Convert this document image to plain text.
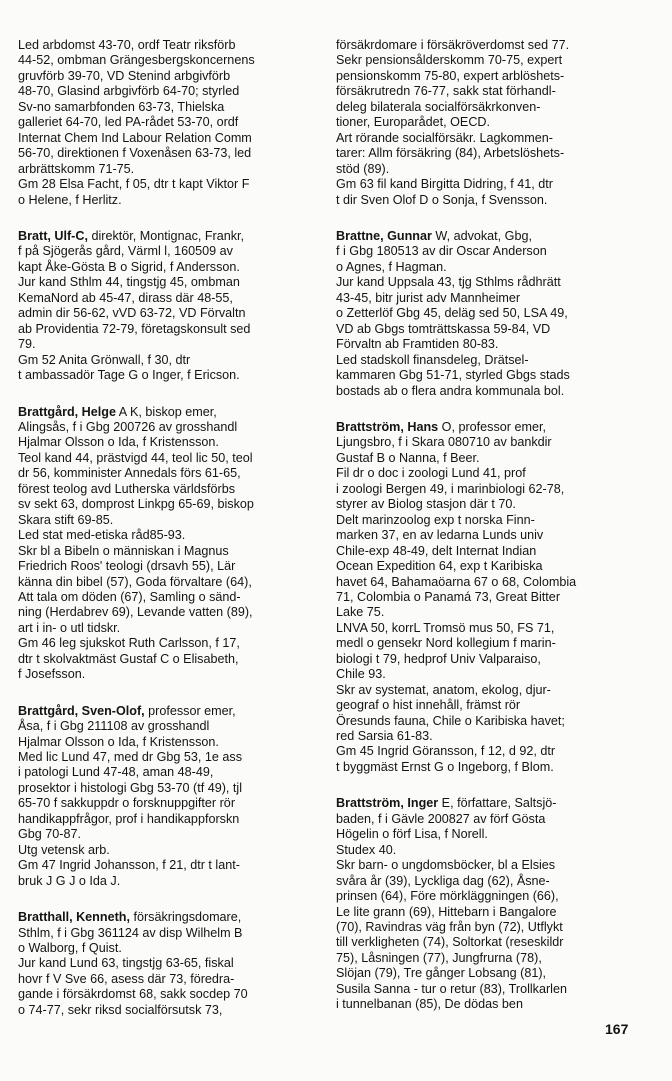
Led arbdomst 43-70, ordf Teatr riksförb

44-52, ombman Grängesbergskoncernens

gruvförb 39-70, VD Stenind arbgivförb

48-70, Glasind arbgivförb 64-70; styrled

Sv-no samarbfonden 63-73, Thielska

galleriet 64-70, led PA-rådet 53-70, ordf

Internat Chem Ind Labour Relation Comm

56-70, direktionen f Voxenåsen 63-73, led

arbrättskomm 71-75.

Gm 28 Elsa Facht, f 05, dtr t kapt Viktor F

o Helene, f Herlitz.

Bratt, Ulf-C, direktör, Montignac, Frankr,

f på Sjögerås gård, Värml l, 160509 av

kapt Åke-Gösta B o Sigrid, f Andersson.

Jur kand Sthlm 44, tingstjg 45, ombman

KemaNord ab 45-47, dirass där 48-55,

admin dir 56-62, vVD 63-72, VD Förvaltn

ab Providentia 72-79, företagskonsult sed

79.

Gm 52 Anita Grönwall, f 30, dtr

t ambassadör Tage G o Inger, f Ericson.

Brattgård, Helge A K, biskop emer,

Alingsås, f i Gbg 200726 av grosshandl

Hjalmar Olsson o Ida, f Kristensson.

Teol kand 44, prästvigd 44, teol lic 50, teol

dr 56, komminister Annedals förs 61-65,

förest teolog avd Lutherska världsförbs

sv sekt 63, domprost Linkpg 65-69, biskop

Skara stift 69-85.

Led stat med-etiska råd85-93.

Skr bl a Bibeln o människan i Magnus

Friedrich Roos' teologi (drsavh 55), Lär

känna din bibel (57), Goda förvaltare (64),

Att tala om döden (67), Samling o sänd-

ning (Herdabrev 69), Levande vatten (89),

art i in- o utl tidskr.

Gm 46 leg sjukskot Ruth Carlsson, f 17,

dtr t skolvaktmäst Gustaf C o Elisabeth,

f Josefsson.

Brattgård, Sven-Olof, professor emer,

Åsa, f i Gbg 211108 av grosshandl

Hjalmar Olsson o Ida, f Kristensson.

Med lic Lund 47, med dr Gbg 53, 1e ass

i patologi Lund 47-48, aman 48-49,

prosektor i histologi Gbg 53-70 (tf 49), tjl

65-70 f sakkuppdr o forsknuppgifter rör

handikappfrågor, prof i handikappforskn

Gbg 70-87.

Utg vetensk arb.

Gm 47 Ingrid Johansson, f 21, dtr t lant-

bruk J G J o Ida J.

Bratthall, Kenneth, försäkringsdomare,

Sthlm, f i Gbg 361124 av disp Wilhelm B

o Walborg, f Quist.

Jur kand Lund 63, tingstjg 63-65, fiskal

hovr f V Sve 66, asess där 73, föredra-

gande i försäkrdomst 68, sakk socdep 70

o 74-77, sekr riksd socialförsutsk 73,

försäkrdomare i försäkröverdomst sed 77.

Sekr pensionsålderskomm 70-75, expert

pensionskomm 75-80, expert arblöshets-

försäkrutredn 76-77, sakk stat förhandl-

deleg bilaterala socialförsäkrkonven-

tioner, Europarådet, OECD.

Art rörande socialförsäkr. Lagkommen-

tarer: Allm försäkring (84), Arbetslöshets-

stöd (89).

Gm 63 fil kand Birgitta Didring, f 41, dtr

t dir Sven Olof D o Sonja, f Svensson.

Brattne, Gunnar W, advokat, Gbg,

f i Gbg 180513 av dir Oscar Anderson

o Agnes, f Hagman.

Jur kand Uppsala 43, tjg Sthlms rådhrätt

43-45, bitr jurist adv Mannheimer

o Zetterlöf Gbg 45, deläg sed 50, LSA 49,

VD ab Gbgs tomträttskassa 59-84, VD

Förvaltn ab Framtiden 80-83.

Led stadskoll finansdeleg, Drätsel-

kammaren Gbg 51-71, styrled Gbgs stads

bostads ab o flera andra kommunala bol.

Brattström, Hans O, professor emer,

Ljungsbro, f i Skara 080710 av bankdir

Gustaf B o Nanna, f Beer.

Fil dr o doc i zoologi Lund 41, prof

i zoologi Bergen 49, i marinbiologi 62-78,

styrer av Biolog stasjon där t 70.

Delt marinzoolog exp t norska Finn-

marken 37, en av ledarna Lunds univ

Chile-exp 48-49, delt Internat Indian

Ocean Expedition 64, exp t Karibiska

havet 64, Bahamaöarna 67 o 68, Colombia

71, Colombia o Panamá 73, Great Bitter

Lake 75.

LNVA 50, korrL Tromsö mus 50, FS 71,

medl o gensekr Nord kollegium f marin-

biologi t 79, hedprof Univ Valparaiso,

Chile 93.

Skr av systemat, anatom, ekolog, djur-

geograf o hist innehåll, främst rör

Öresunds fauna, Chile o Karibiska havet;

red Sarsia 61-83.

Gm 45 Ingrid Göransson, f 12, d 92, dtr

t byggmäst Ernst G o Ingeborg, f Blom.

Brattström, Inger E, författare, Saltsjö-

baden, f i Gävle 200827 av förf Gösta

Högelin o förf Lisa, f Norell.

Studex 40.

Skr barn- o ungdomsböcker, bl a Elsies

svåra år (39), Lyckliga dag (62), Åsne-

prinsen (64), Före mörkläggningen (66),

Le lite grann (69), Hittebarn i Bangalore

(70), Ravindras väg från byn (72), Utflykt

till verkligheten (74), Soltorkat (reseskildr

75), Låsningen (77), Jungfrurna (78),

Slöjan (79), Tre gånger Lobsang (81),

Susila Sanna - tur o retur (83), Trollkarlen

i tunnelbanan (85), De dödas ben

167
